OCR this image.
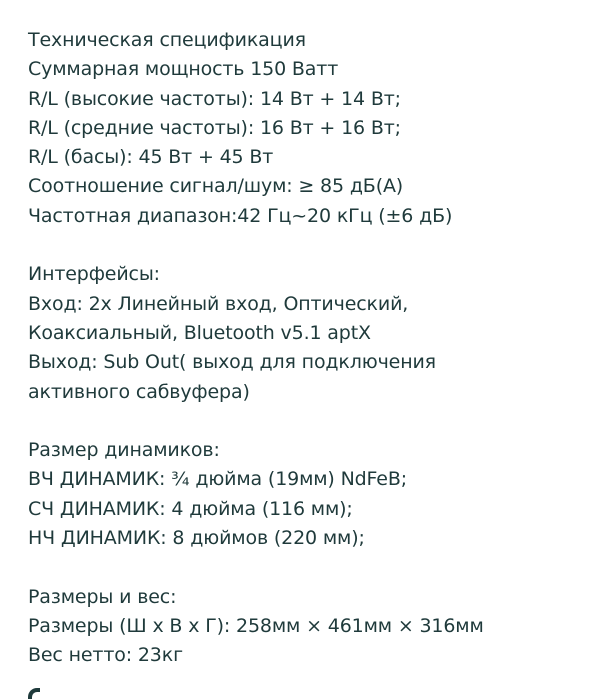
Техническая спецификация
Суммарная мощность 150 Ватт
R/L (высокие частоты): 14 Вт + 14 Вт;
R/L (средние частоты): 16 Вт + 16 Вт;
R/L (басы): 45 Вт + 45 Вт
Соотношение сигнал/шум: ≥ 85 дБ(А)
Частотная диапазон:42 Гц~20 кГц (±6 дБ)
Интерфейсы:
Вход: 2х Линейный вход, Оптический,
Коаксиальный, Bluetooth v5.1 aptX
Выход: Sub Out( выход для подключения
активного сабвуфера)
Размер динамиков:
ВЧ ДИНАМИК: ¾ дюйма (19мм) NdFeB;
СЧ ДИНАМИК: 4 дюйма (116 мм);
НЧ ДИНАМИК: 8 дюймов (220 мм);
Размеры и вес:
Размеры (Ш х В х Г): 258мм × 461мм × 316мм
Вес нетто: 23кг
